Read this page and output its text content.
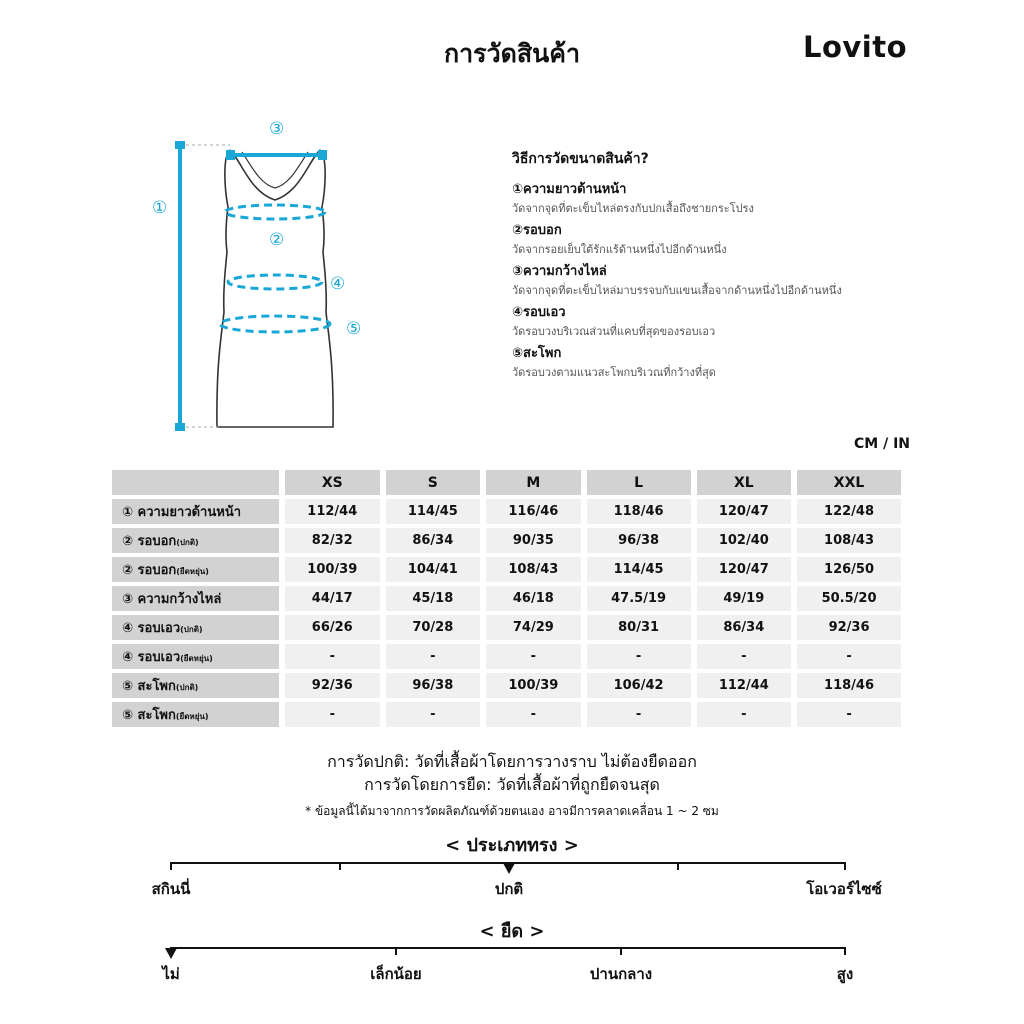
การวัดสินค้า	Lovito
①
②
③
④
⑤
วิธีการวัดขนาดสินค้า?
①ความยาวด้านหน้า
วัดจากจุดที่ตะเข็บไหล่ตรงกับปกเสื้อถึงชายกระโปรง
②รอบอก
วัดจากรอยเย็บใต้รักแร้ด้านหนึ่งไปอีกด้านหนึ่ง
③ความกว้างไหล่
วัดจากจุดที่ตะเข็บไหล่มาบรรจบกับแขนเสื้อจากด้านหนึ่งไปอีกด้านหนึ่ง
④รอบเอว
วัดรอบวงบริเวณส่วนที่แคบที่สุดของรอบเอว
⑤สะโพก
วัดรอบวงตามแนวสะโพกบริเวณที่กว้างที่สุด
CM / IN
	XS	S	M	L	XL	XXL
① ความยาวด้านหน้า	112/44	114/45	116/46	118/46	120/47	122/48
② รอบอก(ปกติ)	82/32	86/34	90/35	96/38	102/40	108/43
② รอบอก(ยืดหยุ่น)	100/39	104/41	108/43	114/45	120/47	126/50
③ ความกว้างไหล่	44/17	45/18	46/18	47.5/19	49/19	50.5/20
④ รอบเอว(ปกติ)	66/26	70/28	74/29	80/31	86/34	92/36
④ รอบเอว(ยืดหยุ่น)	-	-	-	-	-	-
⑤ สะโพก(ปกติ)	92/36	96/38	100/39	106/42	112/44	118/46
⑤ สะโพก(ยืดหยุ่น)	-	-	-	-	-	-
การวัดปกติ: วัดที่เสื้อผ้าโดยการวางราบ ไม่ต้องยืดออก
การวัดโดยการยืด: วัดที่เสื้อผ้าที่ถูกยืดจนสุด
* ข้อมูลนี้ได้มาจากการวัดผลิตภัณฑ์ด้วยตนเอง อาจมีการคลาดเคลื่อน 1 ~ 2 ซม
< ประเภททรง >
สกินนี่	ปกติ	โอเวอร์ไซซ์
< ยืด >
ไม่	เล็กน้อย	ปานกลาง	สูง
